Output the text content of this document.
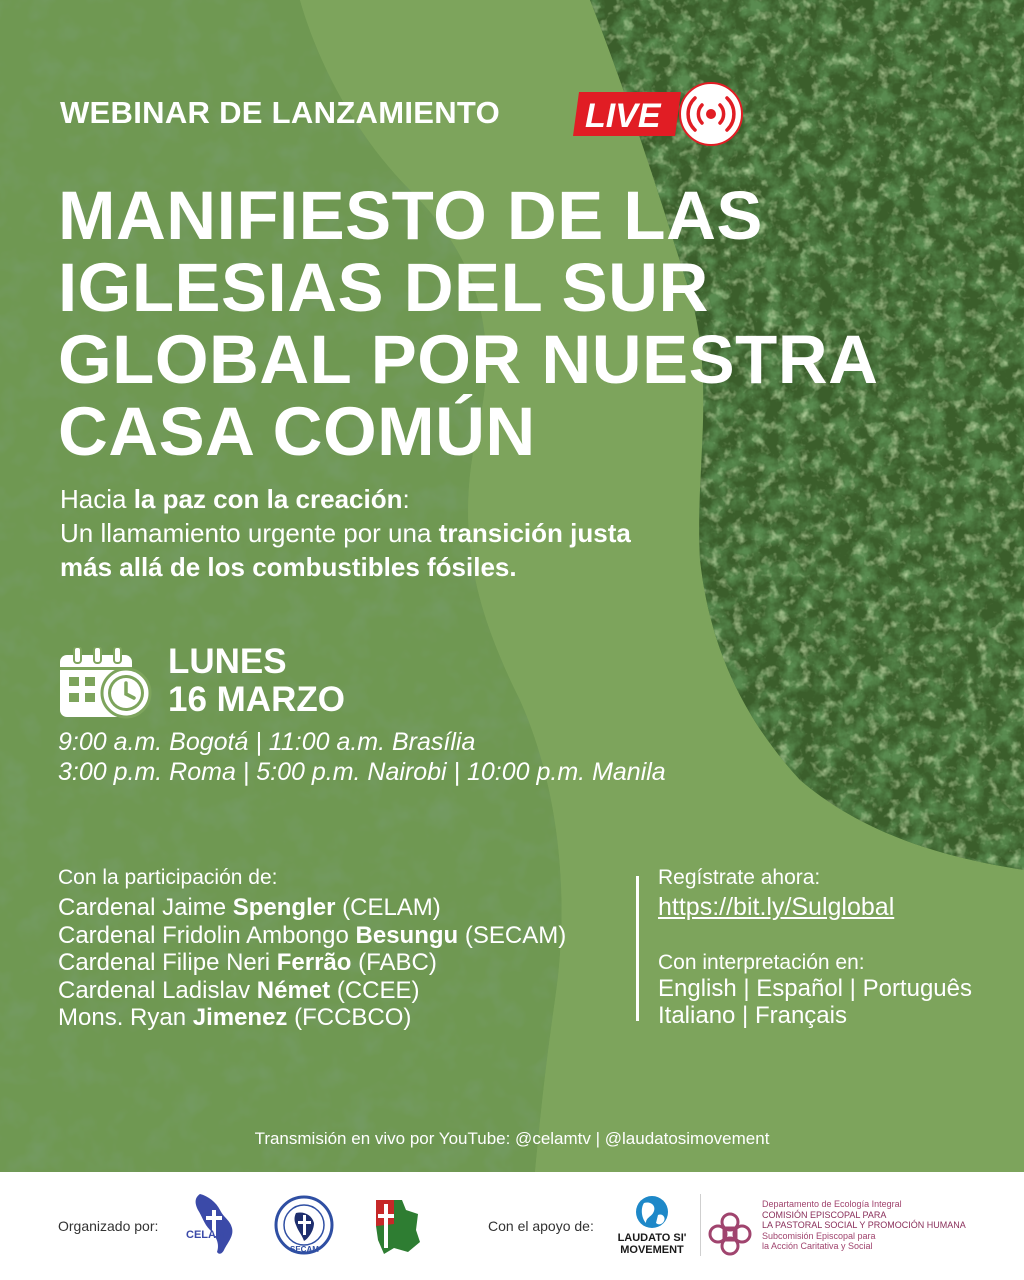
WEBINAR DE LANZAMIENTO LIVE
MANIFIESTO DE LAS
IGLESIAS DEL SUR
GLOBAL POR NUESTRA
CASA COMÚN
Hacia la paz con la creación:
Un llamamiento urgente por una transición justa
más allá de los combustibles fósiles.
LUNES
16 MARZO
9:00 a.m. Bogotá | 11:00 a.m. Brasília
3:00 p.m. Roma | 5:00 p.m. Nairobi | 10:00 p.m. Manila
Con la participación de:
Cardenal Jaime Spengler (CELAM)
Cardenal Fridolin Ambongo Besungu (SECAM)
Cardenal Filipe Neri Ferrão (FABC)
Cardenal Ladislav Német (CCEE)
Mons. Ryan Jimenez (FCCBCO)
Regístrate ahora:
https://bit.ly/Sulglobal
Con interpretación en:
English | Español | Português
Italiano | Français
Transmisión en vivo por YouTube: @celamtv | @laudatosimovement
Organizado por:
CELAM
SECAM
Con el apoyo de:
LAUDATO SI'
MOVEMENT
Departamento de Ecología Integral
COMISIÓN EPISCOPAL PARA
LA PASTORAL SOCIAL Y PROMOCIÓN HUMANA
Subcomisión Episcopal para
la Acción Caritativa y Social
